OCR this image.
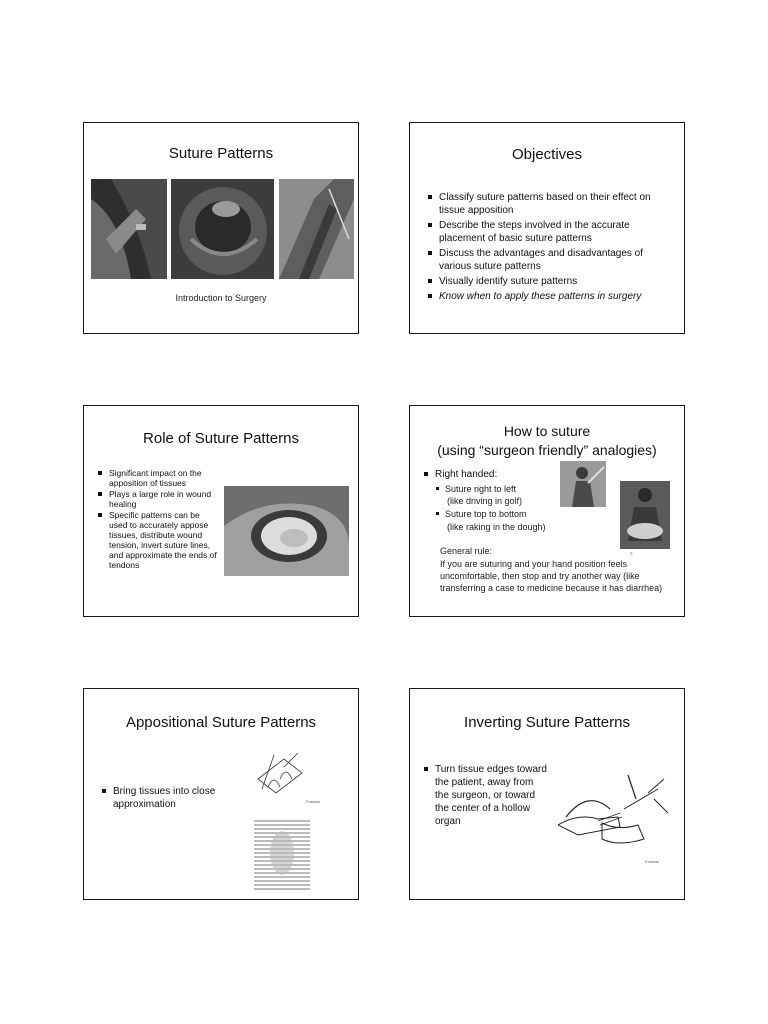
Suture Patterns
Introduction to Surgery
Objectives
Classify suture patterns based on their effect on tissue apposition
Describe the steps involved in the accurate placement of basic suture patterns
Discuss the advantages and disadvantages of various suture patterns
Visually identify suture patterns
Know when to apply these patterns in surgery
Role of Suture Patterns
Significant impact on the apposition of tissues
Plays a large role in wound healing
Specific patterns can be used to accurately appose tissues, distribute wound tension, invert suture lines, and approximate the ends of tendons
How to suture
(using “surgeon friendly” analogies)
Right handed:
Suture right to left
(like driving in golf)
Suture top to bottom
(like raking in the dough)
©
General rule:
If you are suturing and your hand position feels uncomfortable, then stop and try another way (like transferring a case to medicine because it has diarrhea)
Appositional Suture Patterns
Bring tissues into close approximation	Fossum
Inverting Suture Patterns
Turn tissue edges toward the patient, away from the surgeon, or toward the center of a hollow organ
Fossum
